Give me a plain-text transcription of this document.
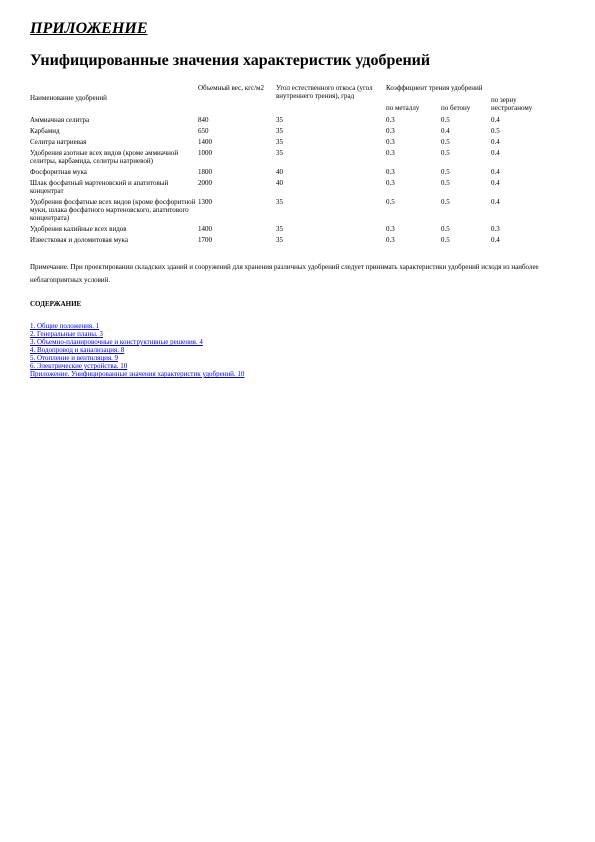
ПРИЛОЖЕНИЕ
Унифицированные значения характеристик удобрений
Наименование удобрений	Объемный вес, кгс/м2	Угол естественного откоса (угол внутреннего трения), град	Коэффициент трения удобрений		
			по металлу	по бетону	по зерну нестроганому
Аммиачная селитра	840	35	0.3	0.5	0.4
Карбамид	650	35	0.3	0.4	0.5
Селитра натриевая	1400	35	0.3	0.5	0.4
Удобрения азотные всех видов (кроме аммиачной селитры, карбамида, селитры натриевой)	1000	35	0.3	0.5	0.4
Фосфоритная мука	1800	40	0.3	0.5	0.4
Шлак фосфатный мартеновский и апатитовый концентрат	2000	40	0.3	0.5	0.4
Удобрения фосфатные всех видов (кроме фосфоритной муки, шлака фосфатного мартеновского, апатитового концентрата)	1300	35	0.5	0.5	0.4
Удобрения калийные всех видов	1400	35	0.3	0.5	0.3
Известковая и доломитовая мука	1700	35	0.3	0.5	0.4
Примечание. При проектировании складских зданий и сооружений для хранения различных удобрений следует принимать характеристики удобрений исходя из наиболее неблагоприятных условий.
СОДЕРЖАНИЕ
1. Общие положения. 1
2. Генеральные планы. 3
3. Объемно-планировочные и конструктивные решения. 4
4. Водопровод и канализация. 8
5. Отопление и вентиляция. 9
6. Электрические устройства. 10
Приложение. Унифицированные значения характеристик удобрений. 10
